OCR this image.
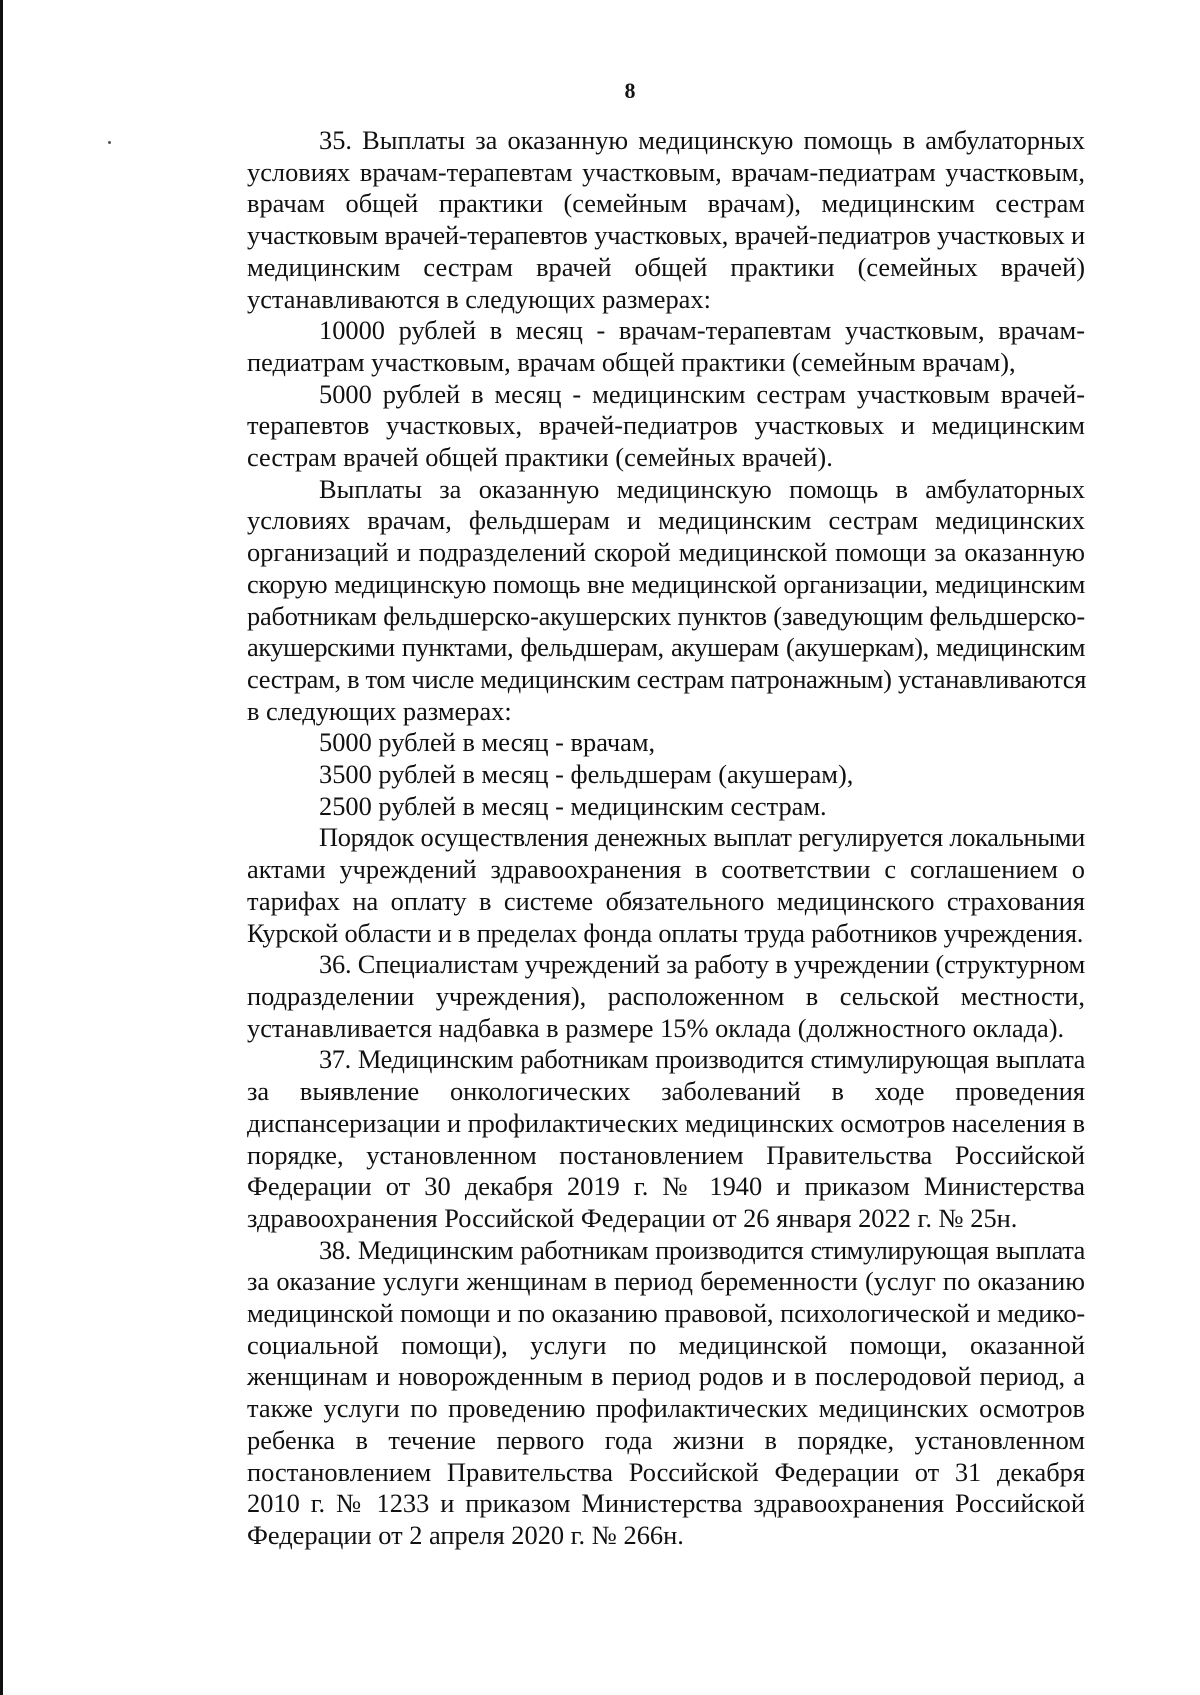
8
35. Выплаты за оказанную медицинскую помощь в амбулаторных
условиях врачам-терапевтам участковым, врачам-педиатрам участковым,
врачам общей практики (семейным врачам), медицинским сестрам
участковым врачей-терапевтов участковых, врачей-педиатров участковых и
медицинским сестрам врачей общей практики (семейных врачей)
устанавливаются в следующих размерах:
10000 рублей в месяц - врачам-терапевтам участковым, врачам-
педиатрам участковым, врачам общей практики (семейным врачам),
5000 рублей в месяц - медицинским сестрам участковым врачей-
терапевтов участковых, врачей-педиатров участковых и медицинским
сестрам врачей общей практики (семейных врачей).
Выплаты за оказанную медицинскую помощь в амбулаторных
условиях врачам, фельдшерам и медицинским сестрам медицинских
организаций и подразделений скорой медицинской помощи за оказанную
скорую медицинскую помощь вне медицинской организации, медицинским
работникам фельдшерско-акушерских пунктов (заведующим фельдшерско-
акушерскими пунктами, фельдшерам, акушерам (акушеркам), медицинским
сестрам, в том числе медицинским сестрам патронажным) устанавливаются
в следующих размерах:
5000 рублей в месяц - врачам,
3500 рублей в месяц - фельдшерам (акушерам),
2500 рублей в месяц - медицинским сестрам.
Порядок осуществления денежных выплат регулируется локальными
актами учреждений здравоохранения в соответствии с соглашением о
тарифах на оплату в системе обязательного медицинского страхования
Курской области и в пределах фонда оплаты труда работников учреждения.
36. Специалистам учреждений за работу в учреждении (структурном
подразделении учреждения), расположенном в сельской местности,
устанавливается надбавка в размере 15% оклада (должностного оклада).
37. Медицинским работникам производится стимулирующая выплата
за выявление онкологических заболеваний в ходе проведения
диспансеризации и профилактических медицинских осмотров населения в
порядке, установленном постановлением Правительства Российской
Федерации от 30 декабря 2019 г. № 1940 и приказом Министерства
здравоохранения Российской Федерации от 26 января 2022 г. № 25н.
38. Медицинским работникам производится стимулирующая выплата
за оказание услуги женщинам в период беременности (услуг по оказанию
медицинской помощи и по оказанию правовой, психологической и медико-
социальной помощи), услуги по медицинской помощи, оказанной
женщинам и новорожденным в период родов и в послеродовой период, а
также услуги по проведению профилактических медицинских осмотров
ребенка в течение первого года жизни в порядке, установленном
постановлением Правительства Российской Федерации от 31 декабря
2010 г. № 1233 и приказом Министерства здравоохранения Российской
Федерации от 2 апреля 2020 г. № 266н.
